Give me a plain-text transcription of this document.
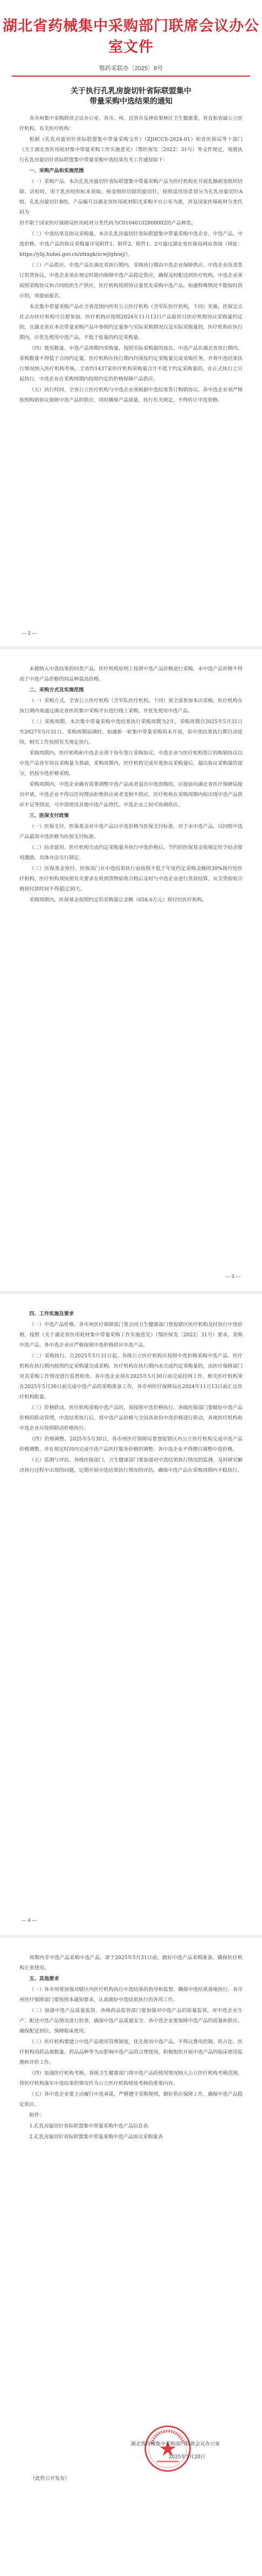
湖北省药械集中采购部门联席会议办公室文件
鄂药采联办〔2025〕8号
关于执行孔乳房旋切针省际联盟集中
带量采购中选结果的通知

各市州集中采购联席会议办公室、各市、州、直管市及神农架林区卫生健康委，省直和省属公立医疗机构，有关医疗机构：

根据《孔乳房旋切针省际联盟集中带量采购文件》（ZJHCCS-2024-01）和省医保局等十部门《关于湖北省医用耗材集中带量采购工作实施意见》（鄂医保发〔2022〕31号）等文件规定，现就执行孔乳房旋切针省际联盟集中带量采购中选结果有关工作通知如下：

一、采购产品和实施范围

（一）采购产品。本次孔乳房旋切针省际联盟集中带量采购产品为医疗机构在开展乳腺病变组织切除、活检时，用于乳房组织标本获取、病变组织切除的旋切针，按照适用场景划分为孔乳房旋切针A组、孔乳房旋切针B组，产品编号以湖北省医用耗材阳光采购平台公布为准，涉及国家医保耗材分类代码为

但不限于国家医疗保障局医用耗材分类代码为C01040102800002的产品种类。

（二）中选结果及协议采购量。本次孔乳房旋切针省际联盟集中带量采购中选企业、中选产品、中选价格、中选产品的协议采购量详见附件1、附件2。附件1、2可通过湖北省医保局网站查阅（网址：https://ybj.hubei.gov.cn/zfxxgk/zcwj/gfxwj/）。

（三）产品供应。中选产品在湖北省执行期内，采购执行期由中选企业保障供应，中选企业负责签订供货协议，中选企业须在规定时限内保障中选产品稳定供应，确保及时配送到医疗机构。中选企业须按照采购协议和合同组织生产供应，医疗机构按照协议量优先采购中选产品，如遇特殊情况不能按时供应的，须提前报告。

本次集中带量采购产品在全省范围内所有公立医疗机构（含军队医疗机构，下同）实施，医保定点社会办医疗机构可自愿参加。医疗机构应按照2024年11月13日产品报价日医疗机构协议采购量约定的，且湖北省在本次带量采购产品中参照约定量参与实际采购情况以及实际采购量的，医疗机构在执行期内，应优先使用中选产品，不低于报量的约定采购量。

（四）使用数量。中选产品周期内采购量，按照实际采购量的加总。中选产品在湖北省执行期内，采购数量不得低于合同约定量，医疗机构在执行期内均须按约定采购量完成采购任务，并将中选结果执行情况纳入医疗机构考核。全省约1437家医疗机构采购量合计不低于约定采购量的，在正式执行之日起执行，中选企业在采购周期内按照约定的价格保障产品供应。

（五）执行时间。全省公立医疗机构与中选企业须根据中选结果签订购销协议，各中选企业须严格按照购销协议保障中选产品的供应，同时确保产品质量，执行有关规定，不得转让中选资格。

— 2 —

未被纳入中选结果的同类产品，医疗机构原则上按照中选产品价格进行采购，未中选产品价格不得高于中选产品价格的同品种最高价格。

二、采购方式及实施范围

（一）采购方式。全省公立医疗机构（含军队医疗机构，下同）须全部参加本次采购，医疗机构在执行期内须通过湖北省医药集中采购平台进行线上采购，并优先使用中选产品。

（二）采购周期。本次集中带量采购中选结果执行采购周期为2年，采购周期自2025年5月31日至2027年5月31日。采购周期届满时，如遇新一轮集中带量采购尚未开展，原中选结果执行期自动延续，相关工作按照有关规定执行。

采购周期内，医疗机构和中选企业须于每年签订采购协议，中选企业与医疗机构签订的购销协议以中选产品首年协议采购量为基础，采购周期内，医疗机构完成年度协议采购量后，超出协议采购量的部分，仍按中选价格采购。

采购周期内，中选企业确有需要调整中选产品或者退出中选资格的，应提前向湖北省医疗保障局提出申请，中选企业不得以任何理由拒绝供应或者变相不供应。医疗机构在采购周期内如出现中选产品供应不足等情况，可申请使用其他中选产品替代。中选企业之间可协调供应。

三、医保支付政策

（一）医保支付。医保基金对中选产品以中选价格为医保支付标准，对于未中选产品，以同组中选产品最高中选价格为医保支付标准。

（二）结余留用。医疗机构完成约定采购量并执行中选价格后，节约的医保基金按规定给予结余留用激励，具体办法另行制定。

（三）医保基金预付。医保部门在中选结果执行前按照不低于年度约定采购金额的30%预付给医疗机构，医疗机构须按照有关要求在收到货物验收合格后及时与中选企业进行货款结算，从交货验收合格到付款时间不得超过30天。

采购周期内，医保基金按照约定的采购量总金额（658.6万元）预付给医疗机构。

— 3 —

四、工作实施及要求

（一）中选产品价格。各市州医疗保障部门要会同卫生健康部门督促辖区医疗机构及时执行中选价格，按照《关于湖北省医用耗材集中带量采购工作实施意见》（鄂医保发〔2022〕31号）要求，采购中选产品。各中选企业应严格按照中选价格供应中选产品。

（二）采购执行。自2025年5月31日起，各级公立医疗机构应按照中选价格采购中选产品。医疗机构在执行期内按照约定采购量完成采购，医疗机构在执行期内未完成约定采购量的，由医疗保障部门对其采购工作情况进行监督检查。各中选企业须在2025年5月30日前完成挂网工作，相关医疗机构须在2025年5月30日前完成中选产品的采购准备工作，各市州医疗保障局在2024年11月13日前汇总医疗机构报量。

（三）价格联动。医疗机构采购中选产品时，须按照中选价格执行。各级医保部门要做好中选产品价格的联动管理，中选结果执行后，将中选产品价格与全国各省份中选价格进行联动，各地医疗机构和中选企业应按照联动价格执行。

（四）价格调整。2025年5月30日，各市州医疗保障局要督促辖区内公立医疗机构完成中选产品价格调整，并在规定时间内完成中选产品医疗服务价格的调整。各中选企业不得擅自调整中选价格。

（五）监测与评估。各级医保部门、卫生健康部门要加强对中选结果执行情况的监测，及时研究解决执行过程中出现的问题，定期开展中选结果执行情况的评估，确保中选产品在采购周期内平稳执行。

— 4 —

周期内非中选产品采购中选产品，请于2025年5月31日前，做好中选产品采购准备，确保医疗机构正常使用。

五、其他要求

（一）各市州要加强对辖区内医疗机构执行中选结果的指导和监督，确保中选结果落地执行。各市州医疗保障部门要按照本通知要求，认真做好中选结果执行的各项工作。

（二）加强中选产品质量监管。各级药品监管部门要加强对中选产品的质量监管，对中选企业生产、配送中选产品情况进行检查，确保中选产品质量安全。各中选企业要保障中选产品的质量和供应，确保配送到位，保障临床使用。

（三）医疗机构要建立中选产品使用管理制度，优先使用中选产品，不得以费用控制、药占比、医疗机构用药品规数量、药品品种等为由影响中选产品的合理使用，积极组织开展中选产品的临床使用监测和评价工作。

（四）加强医疗机构考核。各级卫生健康部门将中选产品的使用情况纳入公立医疗机构考核范围，将医疗机构落实中选结果的情况作为公立医疗机构绩效考核的重要内容。

（五）各中选企业要主动履行中选承诺，严格遵守采购规则，做好供应保障工作，确保中选产品稳定供应。

附件：

1.孔乳房旋切针省际联盟集中带量采购中选产品信息表

2.孔乳房旋切针省际联盟集中带量采购中选产品协议采购量表

湖北省药械集中采购部门联席会议办公室
2025年5月20日
（此件公开发布）
